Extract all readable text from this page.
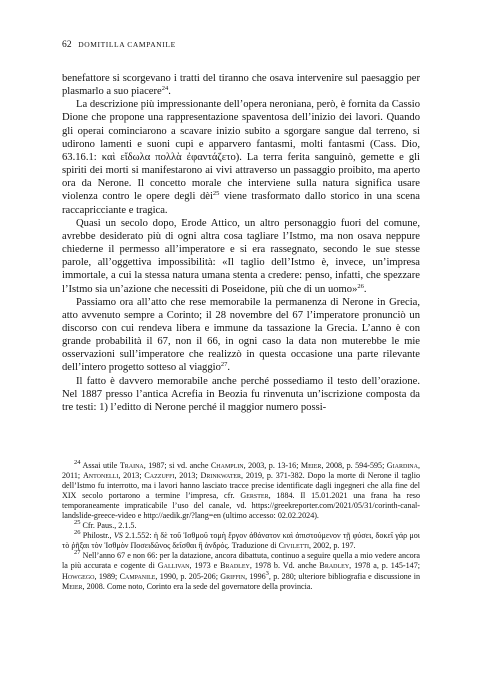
62 DOMITILLA CAMPANILE

benefattore si scorgevano i tratti del tiranno che osava intervenire sul paesaggio per plasmarlo a suo piacere$^{24}$.

La descrizione più impressionante dell’opera neroniana, però, è fornita da Cassio Dione che propone una rappresentazione spaventosa dell’inizio dei lavori. Quando gli operai cominciarono a scavare inizio subito a sgorgare sangue dal terreno, si udirono lamenti e suoni cupi e apparvero fantasmi, molti fantasmi (Cass. Dio, 63.16.1: καὶ εἴδωλα πολλὰ ἐφαντάζετο). La terra ferita sanguinò, gemette e gli spiriti dei morti si manifestarono ai vivi attraverso un passaggio proibito, ma aperto ora da Nerone. Il concetto morale che interviene sulla natura significa usare violenza contro le opere degli dèi$^{25}$ viene trasformato dallo storico in una scena raccapricciante e tragica.

Quasi un secolo dopo, Erode Attico, un altro personaggio fuori del comune, avrebbe desiderato più di ogni altra cosa tagliare l’Istmo, ma non osava neppure chiederne il permesso all’imperatore e si era rassegnato, secondo le sue stesse parole, all’oggettiva impossibilità: «Il taglio dell’Istmo è, invece, un’impresa immortale, a cui la stessa natura umana stenta a credere: penso, infatti, che spezzare l’Istmo sia un’azione che necessiti di Poseidone, più che di un uomo»$^{26}$.

Passiamo ora all’atto che rese memorabile la permanenza di Nerone in Grecia, atto avvenuto sempre a Corinto; il 28 novembre del 67 l’imperatore pronunciò un discorso con cui rendeva libera e immune da tassazione la Grecia. L’anno è con grande probabilità il 67, non il 66, in ogni caso la data non muterebbe le mie osservazioni sull’imperatore che realizzò in questa occasione una parte rilevante dell’intero progetto sotteso al viaggio$^{27}$.

Il fatto è davvero memorabile anche perché possediamo il testo dell’orazione. Nel 1887 presso l’antica Acrefia in Beozia fu rinvenuta un’iscrizione composta da tre testi: 1) l’editto di Nerone perché il maggior numero possi-

$^{24}$ Assai utile Traina, 1987; si vd. anche Champlin, 2003, p. 13-16; Meier, 2008, p. 594-595; Giardina, 2011; Antonelli, 2013; Cazzuffi, 2013; Drinkwater, 2019, p. 371-382. Dopo la morte di Nerone il taglio dell’Istmo fu interrotto, ma i lavori hanno lasciato tracce precise identificate dagli ingegneri che alla fine del XIX secolo portarono a termine l’impresa, cfr. Gerster, 1884. Il 15.01.2021 una frana ha reso temporaneamente impraticabile l’uso del canale, vd. https://greekreporter.com/2021/05/31/corinth-canal-landslide-greece-video e http://aedik.gr/?lang=en (ultimo accesso: 02.02.2024).

$^{25}$ Cfr. Paus., 2.1.5.

$^{26}$ Philostr., VS 2.1.552: ἡ δὲ τοῦ Ἰσθμοῦ τομὴ ἔργον ἀθάνατον καὶ ἀπιστούμενον τῇ φύσει, δοκεῖ γάρ μοι τὸ ῥῆξαι τὸν Ἰσθμὸν Ποσειδῶνος δεῖσθαι ἢ ἀνδρός. Traduzione di Civiletti, 2002, p. 197.

$^{27}$ Nell’anno 67 e non 66: per la datazione, ancora dibattuta, continuo a seguire quella a mio vedere ancora la più accurata e cogente di Gallivan, 1973 e Bradley, 1978 b. Vd. anche Bradley, 1978 a, p. 145-147; Howgego, 1989; Campanile, 1990, p. 205-206; Griffin, 1996$^3$, p. 280; ulteriore bibliografia e discussione in Meier, 2008. Come noto, Corinto era la sede del governatore della provincia.
